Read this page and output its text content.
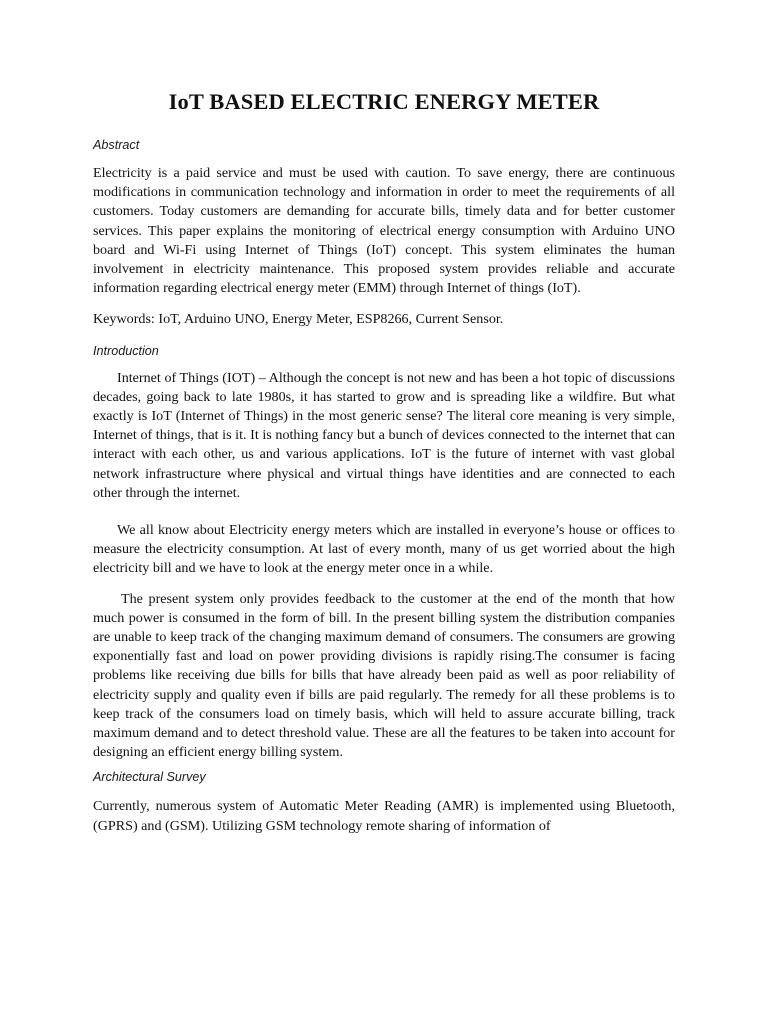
IoT BASED ELECTRIC ENERGY METER
Abstract

Electricity is a paid service and must be used with caution. To save energy, there are continuous modifications in communication technology and information in order to meet the requirements of all customers. Today customers are demanding for accurate bills, timely data and for better customer services. This paper explains the monitoring of electrical energy consumption with Arduino UNO board and Wi-Fi using Internet of Things (IoT) concept. This system eliminates the human involvement in electricity maintenance. This proposed system provides reliable and accurate information regarding electrical energy meter (EMM) through Internet of things (IoT).

Keywords: IoT, Arduino UNO, Energy Meter, ESP8266, Current Sensor.

Introduction

Internet of Things (IOT) – Although the concept is not new and has been a hot topic of discussions decades, going back to late 1980s, it has started to grow and is spreading like a wildfire. But what exactly is IoT (Internet of Things) in the most generic sense? The literal core meaning is very simple, Internet of things, that is it. It is nothing fancy but a bunch of devices connected to the internet that can interact with each other, us and various applications. IoT is the future of internet with vast global network infrastructure where physical and virtual things have identities and are connected to each other through the internet.

We all know about Electricity energy meters which are installed in everyone’s house or offices to measure the electricity consumption. At last of every month, many of us get worried about the high electricity bill and we have to look at the energy meter once in a while.

The present system only provides feedback to the customer at the end of the month that how much power is consumed in the form of bill. In the present billing system the distribution companies are unable to keep track of the changing maximum demand of consumers. The consumers are growing exponentially fast and load on power providing divisions is rapidly rising.The consumer is facing problems like receiving due bills for bills that have already been paid as well as poor reliability of electricity supply and quality even if bills are paid regularly. The remedy for all these problems is to keep track of the consumers load on timely basis, which will held to assure accurate billing, track maximum demand and to detect threshold value. These are all the features to be taken into account for designing an efficient energy billing system.

Architectural Survey

Currently, numerous system of Automatic Meter Reading (AMR) is implemented using Bluetooth, (GPRS) and (GSM). Utilizing GSM technology remote sharing of information of
